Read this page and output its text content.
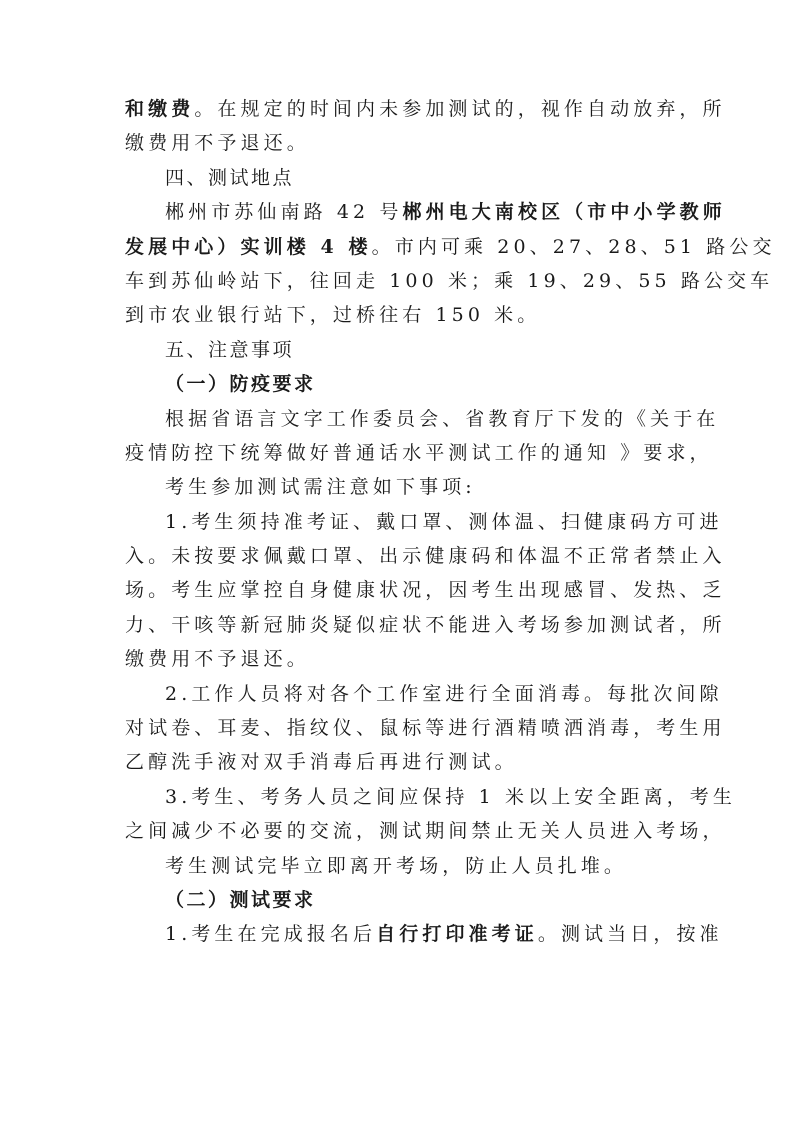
和缴费。在规定的时间内未参加测试的，视作自动放弃，所
缴费用不予退还。
四、测试地点
郴州市苏仙南路 42 号郴州电大南校区（市中小学教师
发展中心）实训楼 4 楼。市内可乘 20、27、28、51 路公交
车到苏仙岭站下，往回走 100 米；乘 19、29、55 路公交车
到市农业银行站下，过桥往右 150 米。
五、注意事项
（一）防疫要求
根据省语言文字工作委员会、省教育厅下发的《关于在
疫情防控下统筹做好普通话水平测试工作的通知 》要求，
考生参加测试需注意如下事项:
1.考生须持准考证、戴口罩、测体温、扫健康码方可进
入。未按要求佩戴口罩、出示健康码和体温不正常者禁止入
场。考生应掌控自身健康状况，因考生出现感冒、发热、乏
力、干咳等新冠肺炎疑似症状不能进入考场参加测试者，所
缴费用不予退还。
2.工作人员将对各个工作室进行全面消毒。每批次间隙
对试卷、耳麦、指纹仪、鼠标等进行酒精喷洒消毒，考生用
乙醇洗手液对双手消毒后再进行测试。
3.考生、考务人员之间应保持 1 米以上安全距离，考生
之间减少不必要的交流，测试期间禁止无关人员进入考场，
考生测试完毕立即离开考场，防止人员扎堆。
（二）测试要求
1.考生在完成报名后自行打印准考证。测试当日，按准
